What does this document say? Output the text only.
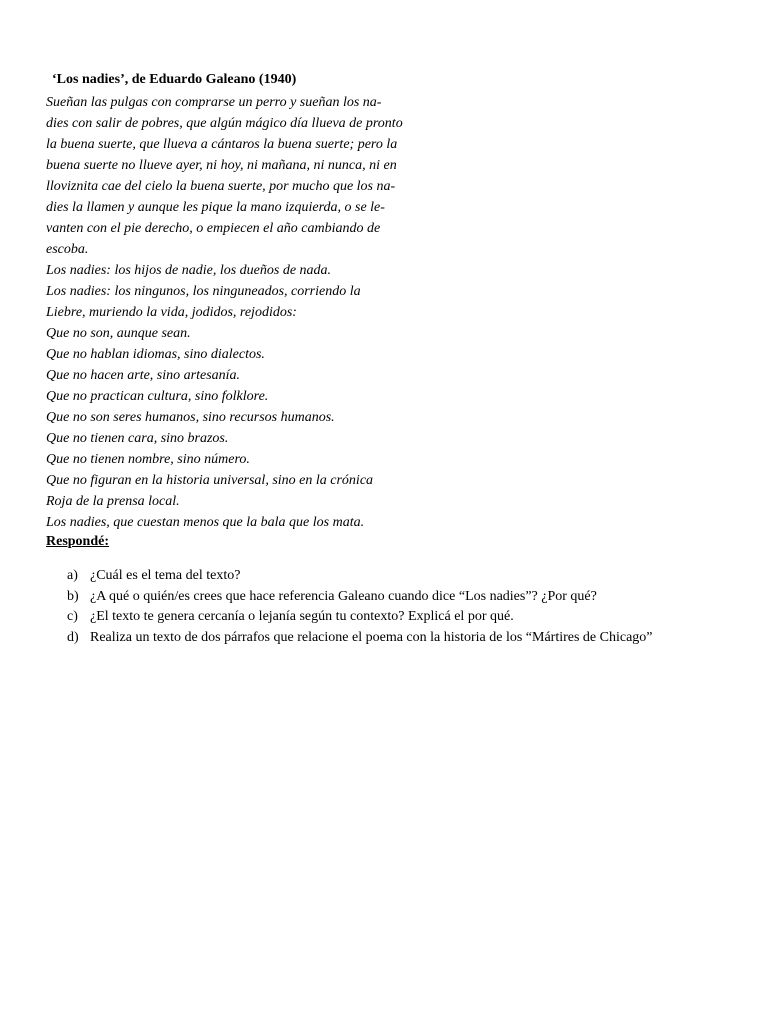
‘Los nadies’, de Eduardo Galeano (1940)
Sueñan las pulgas con comprarse un perro y sueñan los na-
dies con salir de pobres, que algún mágico día llueva de pronto
la buena suerte, que llueva a cántaros la buena suerte; pero la
buena suerte no llueve ayer, ni hoy, ni mañana, ni nunca, ni en
lloviznita cae del cielo la buena suerte, por mucho que los na-
dies la llamen y aunque les pique la mano izquierda, o se le-
vanten con el pie derecho, o empiecen el año cambiando de
escoba.
Los nadies: los hijos de nadie, los dueños de nada.
Los nadies: los ningunos, los ninguneados, corriendo la
Liebre, muriendo la vida, jodidos, rejodidos:
Que no son, aunque sean.
Que no hablan idiomas, sino dialectos.
Que no hacen arte, sino artesanía.
Que no practican cultura, sino folklore.
Que no son seres humanos, sino recursos humanos.
Que no tienen cara, sino brazos.
Que no tienen nombre, sino número.
Que no figuran en la historia universal, sino en la crónica
Roja de la prensa local.
Los nadies, que cuestan menos que la bala que los mata.
Respondé:
a) ¿Cuál es el tema del texto?
b) ¿A qué o quién/es crees que hace referencia Galeano cuando dice “Los nadies”? ¿Por qué?
c) ¿El texto te genera cercanía o lejanía según tu contexto? Explicá el por qué.
d) Realiza un texto de dos párrafos que relacione el poema con la historia de los “Mártires de Chicago”
